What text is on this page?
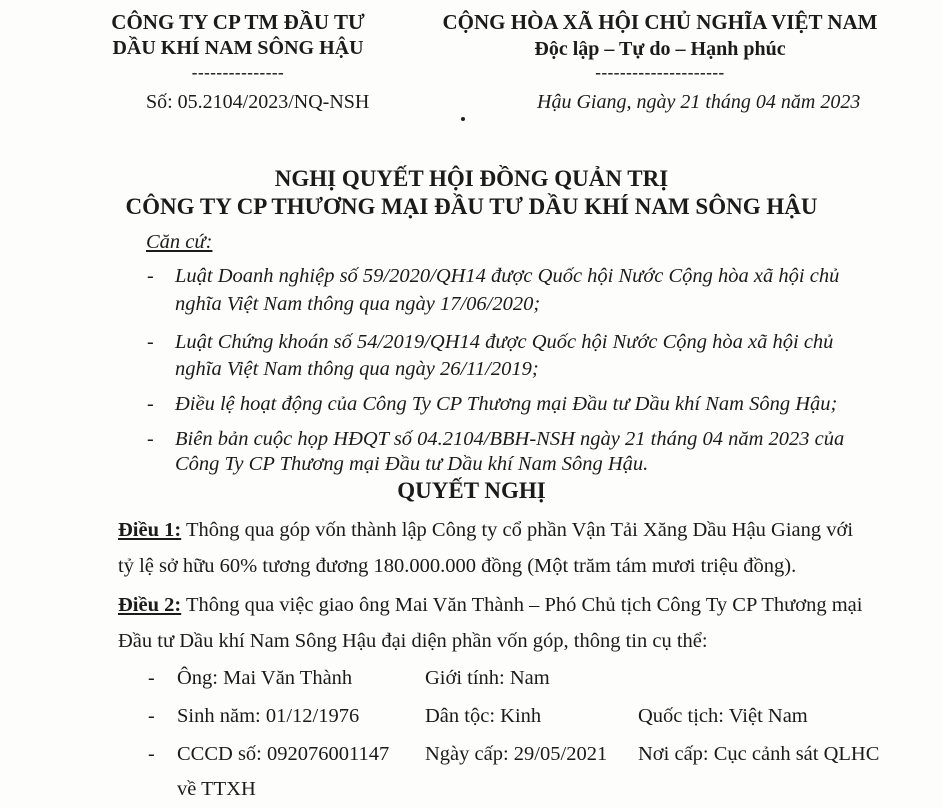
CÔNG TY CP TM ĐẦU TƯ
DẦU KHÍ NAM SÔNG HẬU
---------------
CỘNG HÒA XÃ HỘI CHỦ NGHĨA VIỆT NAM
Độc lập – Tự do – Hạnh phúc
---------------------
Số: 05.2104/2023/NQ-NSH	Hậu Giang, ngày 21 tháng 04 năm 2023
NGHỊ QUYẾT HỘI ĐỒNG QUẢN TRỊ
CÔNG TY CP THƯƠNG MẠI ĐẦU TƯ DẦU KHÍ NAM SÔNG HẬU
Căn cứ:
- Luật Doanh nghiệp số 59/2020/QH14 được Quốc hội Nước Cộng hòa xã hội chủ
nghĩa Việt Nam thông qua ngày 17/06/2020;
- Luật Chứng khoán số 54/2019/QH14 được Quốc hội Nước Cộng hòa xã hội chủ
nghĩa Việt Nam thông qua ngày 26/11/2019;
- Điều lệ hoạt động của Công Ty CP Thương mại Đầu tư Dầu khí Nam Sông Hậu;
- Biên bản cuộc họp HĐQT số 04.2104/BBH-NSH ngày 21 tháng 04 năm 2023 của
Công Ty CP Thương mại Đầu tư Dầu khí Nam Sông Hậu.
QUYẾT NGHỊ
Điều 1: Thông qua góp vốn thành lập Công ty cổ phần Vận Tải Xăng Dầu Hậu Giang với
tỷ lệ sở hữu 60% tương đương 180.000.000 đồng (Một trăm tám mươi triệu đồng).
Điều 2: Thông qua việc giao ông Mai Văn Thành – Phó Chủ tịch Công Ty CP Thương mại
Đầu tư Dầu khí Nam Sông Hậu đại diện phần vốn góp, thông tin cụ thể:
- Ông: Mai Văn Thành	Giới tính: Nam
- Sinh năm: 01/12/1976	Dân tộc: Kinh	Quốc tịch: Việt Nam
- CCCD số: 092076001147 Ngày cấp: 29/05/2021 Nơi cấp: Cục cảnh sát QLHC
về TTXH
